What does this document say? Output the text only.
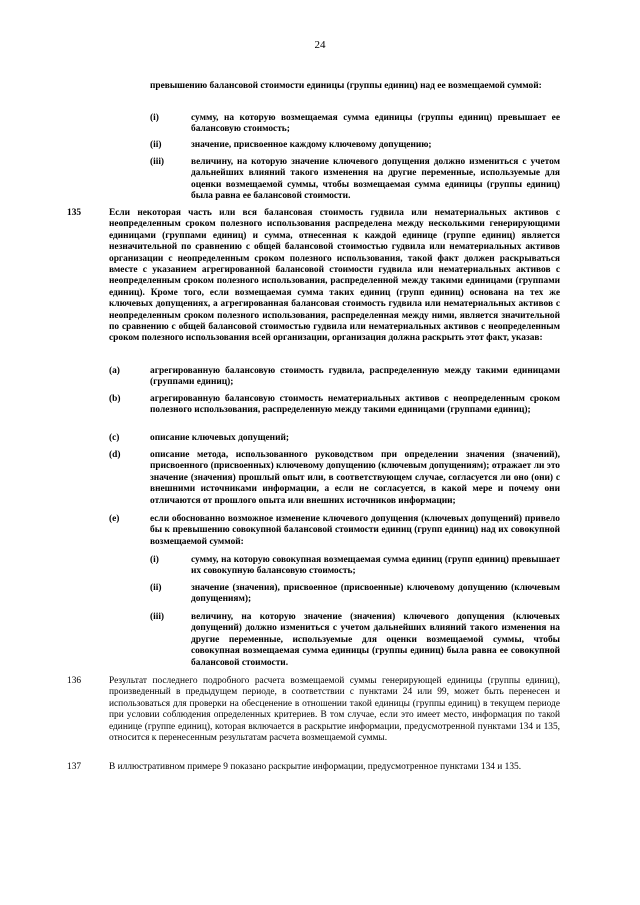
24
превышению балансовой стоимости единицы (группы единиц) над ее возмещаемой суммой:
(i)	сумму, на которую возмещаемая сумма единицы (группы единиц) превышает ее балансовую стоимость;
(ii)	значение, присвоенное каждому ключевому допущению;
(iii)	величину, на которую значение ключевого допущения должно измениться с учетом дальнейших влияний такого изменения на другие переменные, используемые для оценки возмещаемой суммы, чтобы возмещаемая сумма единицы (группы единиц) была равна ее балансовой стоимости.
135	Если некоторая часть или вся балансовая стоимость гудвила или нематериальных активов с неопределенным сроком полезного использования распределена между несколькими генерирующими единицами (группами единиц) и сумма, отнесенная к каждой единице (группе единиц) является незначительной по сравнению с общей балансовой стоимостью гудвила или нематериальных активов организации с неопределенным сроком полезного использования, такой факт должен раскрываться вместе с указанием агрегированной балансовой стоимости гудвила или нематериальных активов с неопределенным сроком полезного использования, распределенной между такими единицами (группами единиц). Кроме того, если возмещаемая сумма таких единиц (групп единиц) основана на тех же ключевых допущениях, а агрегированная балансовая стоимость гудвила или нематериальных активов с неопределенным сроком полезного использования, распределенная между ними, является значительной по сравнению с общей балансовой стоимостью гудвила или нематериальных активов с неопределенным сроком полезного использования всей организации, организация должна раскрыть этот факт, указав:
(a)	агрегированную балансовую стоимость гудвила, распределенную между такими единицами (группами единиц);
(b)	агрегированную балансовую стоимость нематериальных активов с неопределенным сроком полезного использования, распределенную между такими единицами (группами единиц);
(c)	описание ключевых допущений;
(d)	описание метода, использованного руководством при определении значения (значений), присвоенного (присвоенных) ключевому допущению (ключевым допущениям); отражает ли это значение (значения) прошлый опыт или, в соответствующем случае, согласуется ли оно (они) с внешними источниками информации, а если не согласуется, в какой мере и почему они отличаются от прошлого опыта или внешних источников информации;
(e)	если обоснованно возможное изменение ключевого допущения (ключевых допущений) привело бы к превышению совокупной балансовой стоимости единиц (групп единиц) над их совокупной возмещаемой суммой:
(i)	сумму, на которую совокупная возмещаемая сумма единиц (групп единиц) превышает их совокупную балансовую стоимость;
(ii)	значение (значения), присвоенное (присвоенные) ключевому допущению (ключевым допущениям);
(iii)	величину, на которую значение (значения) ключевого допущения (ключевых допущений) должно измениться с учетом дальнейших влияний такого изменения на другие переменные, используемые для оценки возмещаемой суммы, чтобы совокупная возмещаемая сумма единицы (группы единиц) была равна ее совокупной балансовой стоимости.
136	Результат последнего подробного расчета возмещаемой суммы генерирующей единицы (группы единиц), произведенный в предыдущем периоде, в соответствии с пунктами 24 или 99, может быть перенесен и использоваться для проверки на обесценение в отношении такой единицы (группы единиц) в текущем периоде при условии соблюдения определенных критериев. В том случае, если это имеет место, информация по такой единице (группе единиц), которая включается в раскрытие информации, предусмотренной пунктами 134 и 135, относится к перенесенным результатам расчета возмещаемой суммы.
137	В иллюстративном примере 9 показано раскрытие информации, предусмотренное пунктами 134 и 135.
